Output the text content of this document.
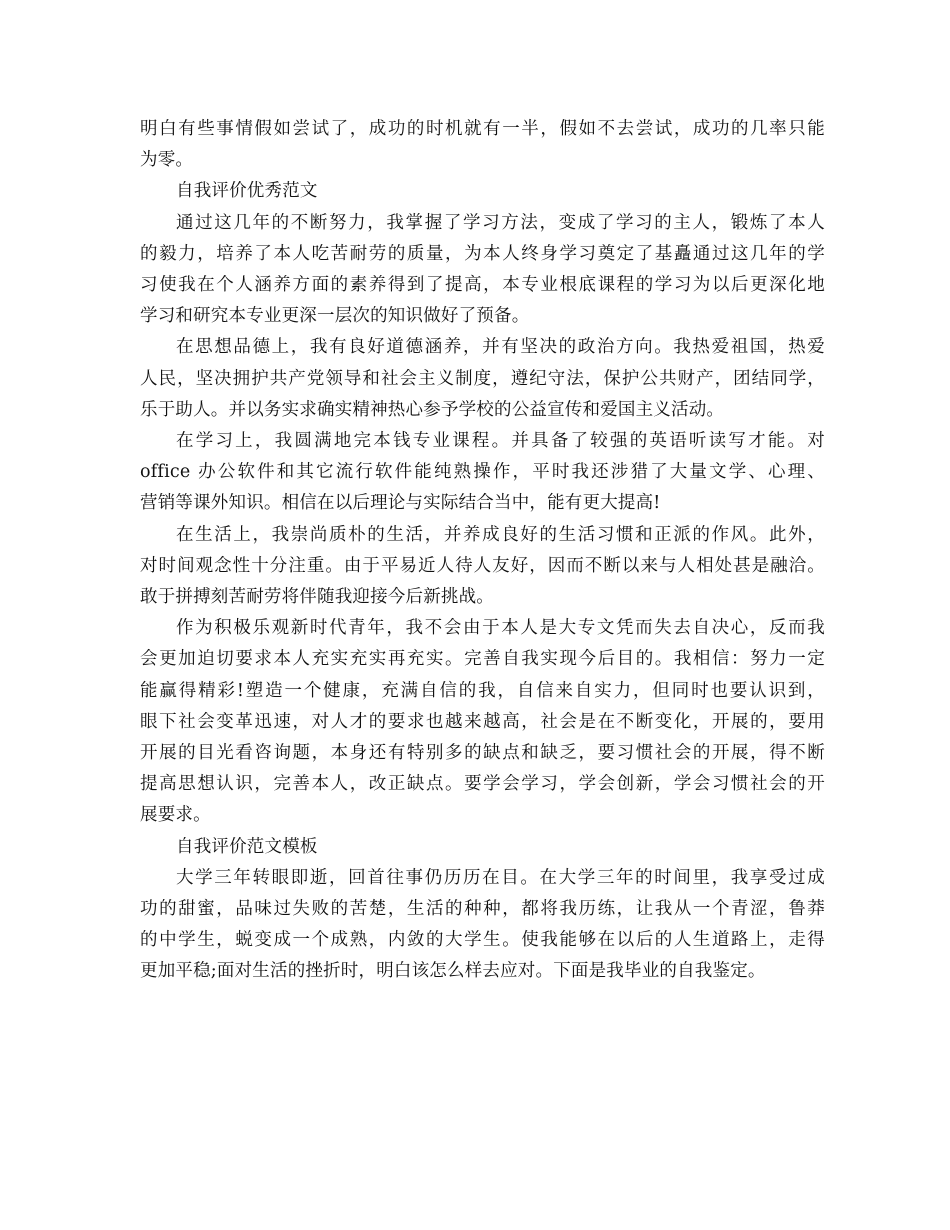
明白有些事情假如尝试了，成功的时机就有一半，假如不去尝试，成功的几率只能
为零。
自我评价优秀范文
通过这几年的不断努力，我掌握了学习方法，变成了学习的主人，锻炼了本人
的毅力，培养了本人吃苦耐劳的质量，为本人终身学习奠定了基矗通过这几年的学
习使我在个人涵养方面的素养得到了提高，本专业根底课程的学习为以后更深化地
学习和研究本专业更深一层次的知识做好了预备。
在思想品德上，我有良好道德涵养，并有坚决的政治方向。我热爱祖国，热爱
人民，坚决拥护共产党领导和社会主义制度，遵纪守法，保护公共财产，团结同学，
乐于助人。并以务实求确实精神热心参予学校的公益宣传和爱国主义活动。
在学习上，我圆满地完本钱专业课程。并具备了较强的英语听读写才能。对
office 办公软件和其它流行软件能纯熟操作，平时我还涉猎了大量文学、心理、
营销等课外知识。相信在以后理论与实际结合当中，能有更大提高!
在生活上，我崇尚质朴的生活，并养成良好的生活习惯和正派的作风。此外，
对时间观念性十分注重。由于平易近人待人友好，因而不断以来与人相处甚是融洽。
敢于拼搏刻苦耐劳将伴随我迎接今后新挑战。
作为积极乐观新时代青年，我不会由于本人是大专文凭而失去自决心，反而我
会更加迫切要求本人充实充实再充实。完善自我实现今后目的。我相信：努力一定
能赢得精彩!塑造一个健康，充满自信的我，自信来自实力，但同时也要认识到，
眼下社会变革迅速，对人才的要求也越来越高，社会是在不断变化，开展的，要用
开展的目光看咨询题，本身还有特别多的缺点和缺乏，要习惯社会的开展，得不断
提高思想认识，完善本人，改正缺点。要学会学习，学会创新，学会习惯社会的开
展要求。
自我评价范文模板
大学三年转眼即逝，回首往事仍历历在目。在大学三年的时间里，我享受过成
功的甜蜜，品味过失败的苦楚，生活的种种，都将我历练，让我从一个青涩，鲁莽
的中学生，蜕变成一个成熟，内敛的大学生。使我能够在以后的人生道路上，走得
更加平稳;面对生活的挫折时，明白该怎么样去应对。下面是我毕业的自我鉴定。
